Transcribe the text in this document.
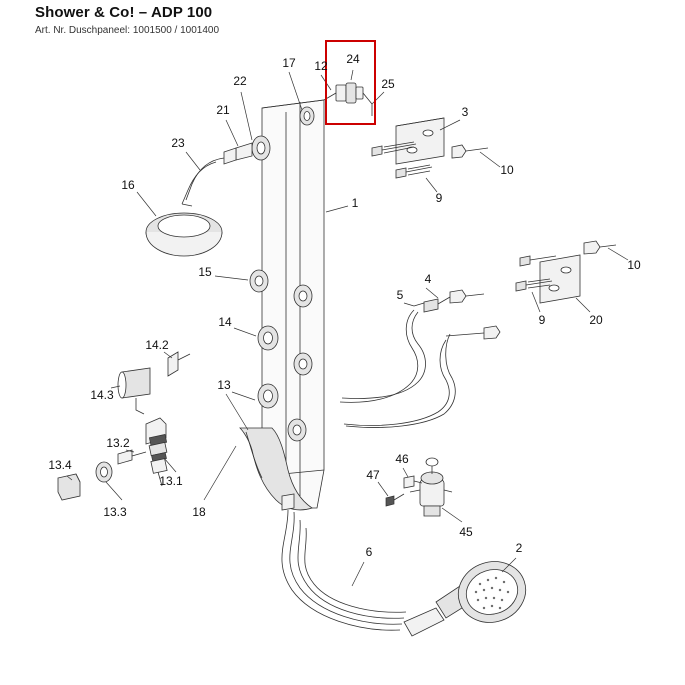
Shower & Co! – ADP 100
Art. Nr. Duschpaneel: 1001500 / 1001400
1
2
3
4
5
6
9
9
10
10
12
13
13.1
13.2
13.3
13.4
14
14.2
14.3
15
16
17
18
20
21
22
23
24
25
45
46
47
